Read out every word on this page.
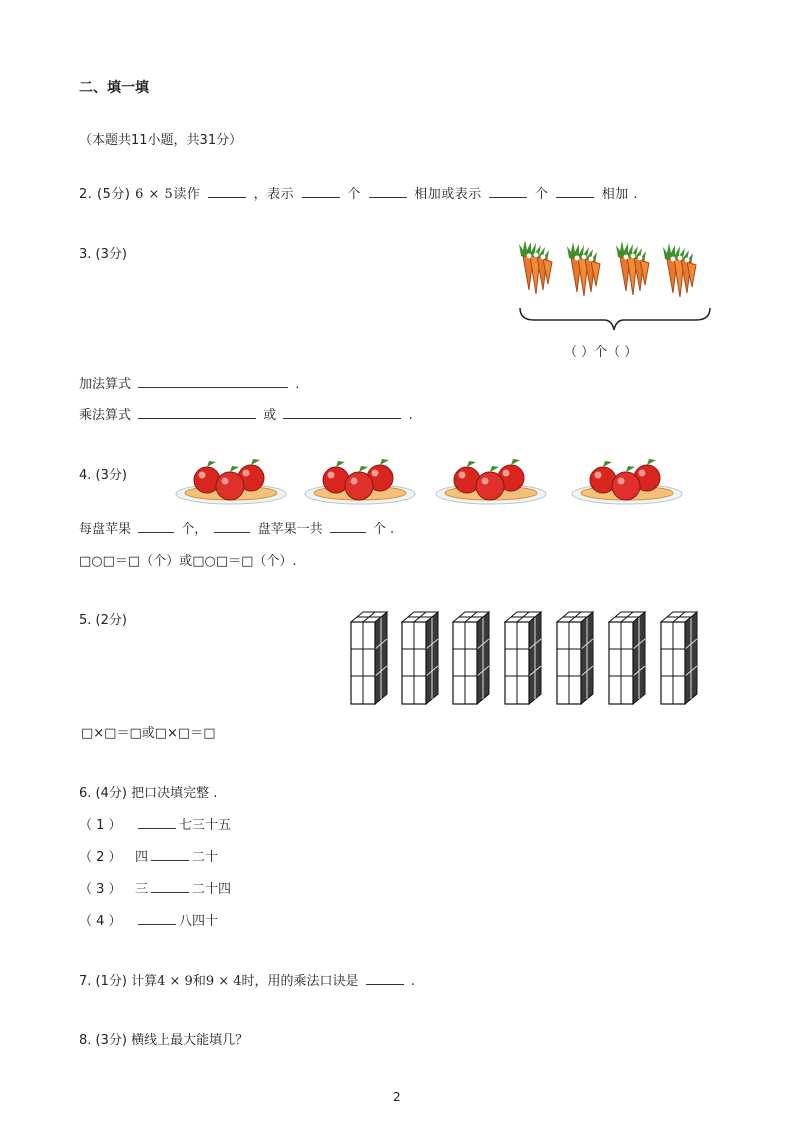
二、填一填
（本题共11小题，共31分）
2. (5分) 6 × 5读作	，表示	个	相加或表示	个	相加 .
3. (3分)
（ ）个（ ）
加法算式	.
乘法算式	或	.
4. (3分)
每盘苹果	个，	盘苹果一共	个 .
□○□＝□（个）或□○□＝□（个）.
5. (2分)
□×□＝□或□×□＝□
6. (4分) 把口决填完整 .
（ 1 ）	七三十五
（ 2 ） 四	二十
（ 3 ） 三	二十四
（ 4 ）	八四十
7. (1分) 计算4 × 9和9 × 4时，用的乘法口诀是	.
8. (3分) 横线上最大能填几？
2
